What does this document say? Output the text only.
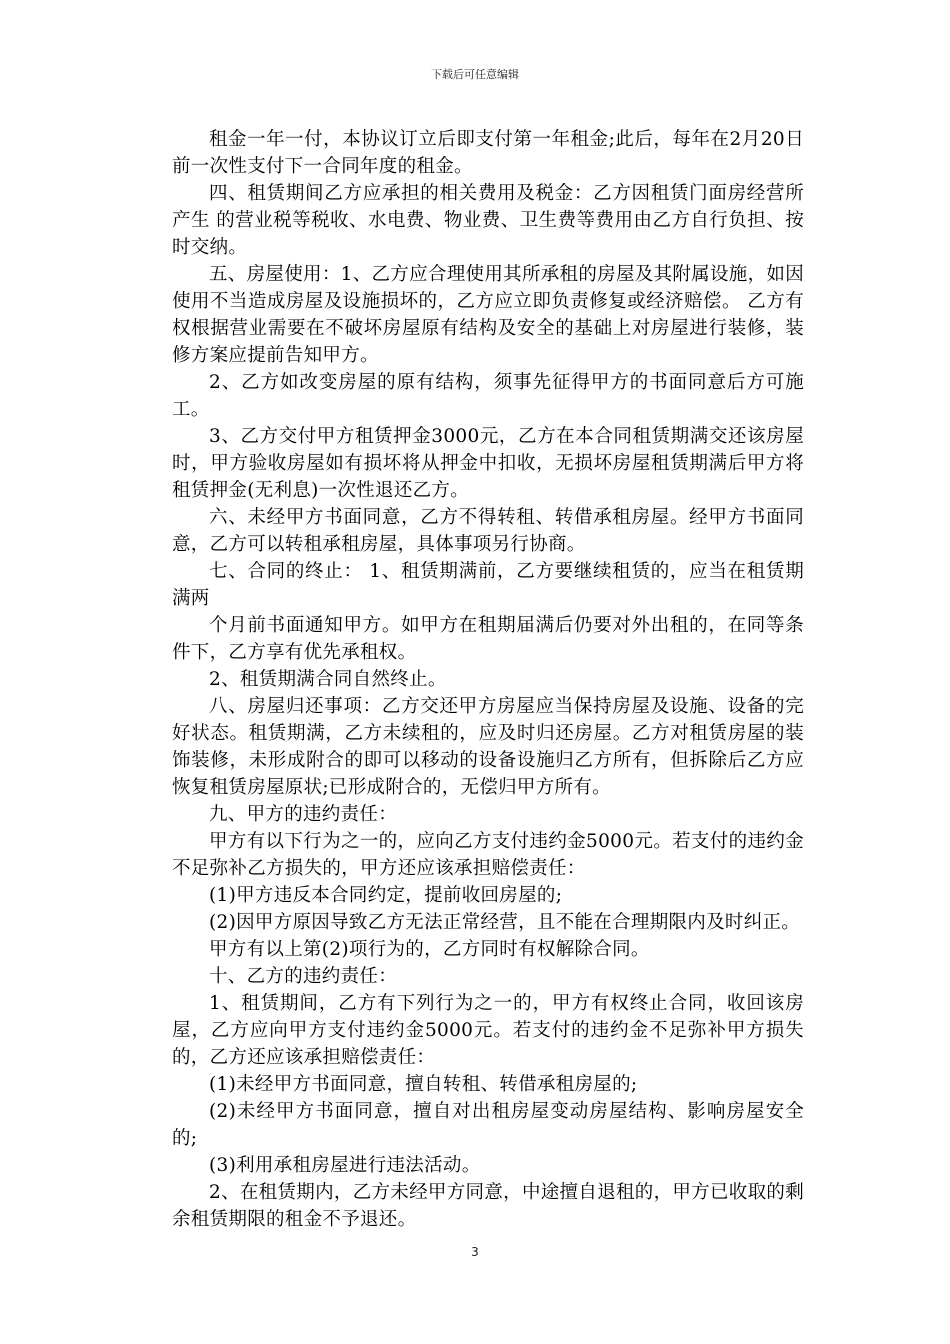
下载后可任意编辑

租金一年一付，本协议订立后即支付第一年租金;此后，每年在2月20日前一次性支付下一合同年度的租金。

四、租赁期间乙方应承担的相关费用及税金：乙方因租赁门面房经营所产生 的营业税等税收、水电费、物业费、卫生费等费用由乙方自行负担、按时交纳。

五、房屋使用：1、乙方应合理使用其所承租的房屋及其附属设施，如因使用不当造成房屋及设施损坏的，乙方应立即负责修复或经济赔偿。 乙方有权根据营业需要在不破坏房屋原有结构及安全的基础上对房屋进行装修，装修方案应提前告知甲方。

2、乙方如改变房屋的原有结构，须事先征得甲方的书面同意后方可施工。

3、乙方交付甲方租赁押金3000元，乙方在本合同租赁期满交还该房屋时，甲方验收房屋如有损坏将从押金中扣收，无损坏房屋租赁期满后甲方将租赁押金(无利息)一次性退还乙方。

六、未经甲方书面同意，乙方不得转租、转借承租房屋。经甲方书面同意，乙方可以转租承租房屋，具体事项另行协商。

七、合同的终止： 1、租赁期满前，乙方要继续租赁的，应当在租赁期满两

个月前书面通知甲方。如甲方在租期届满后仍要对外出租的，在同等条件下，乙方享有优先承租权。

2、租赁期满合同自然终止。

八、房屋归还事项：乙方交还甲方房屋应当保持房屋及设施、设备的完好状态。租赁期满，乙方未续租的，应及时归还房屋。乙方对租赁房屋的装饰装修，未形成附合的即可以移动的设备设施归乙方所有，但拆除后乙方应恢复租赁房屋原状;已形成附合的，无偿归甲方所有。

九、甲方的违约责任：

甲方有以下行为之一的，应向乙方支付违约金5000元。若支付的违约金不足弥补乙方损失的，甲方还应该承担赔偿责任：

(1)甲方违反本合同约定，提前收回房屋的;

(2)因甲方原因导致乙方无法正常经营，且不能在合理期限内及时纠正。

甲方有以上第(2)项行为的，乙方同时有权解除合同。

十、乙方的违约责任：

1、租赁期间，乙方有下列行为之一的，甲方有权终止合同，收回该房屋，乙方应向甲方支付违约金5000元。若支付的违约金不足弥补甲方损失的，乙方还应该承担赔偿责任：

(1)未经甲方书面同意，擅自转租、转借承租房屋的;

(2)未经甲方书面同意，擅自对出租房屋变动房屋结构、影响房屋安全的;

(3)利用承租房屋进行违法活动。

2、在租赁期内，乙方未经甲方同意，中途擅自退租的，甲方已收取的剩余租赁期限的租金不予退还。

3
